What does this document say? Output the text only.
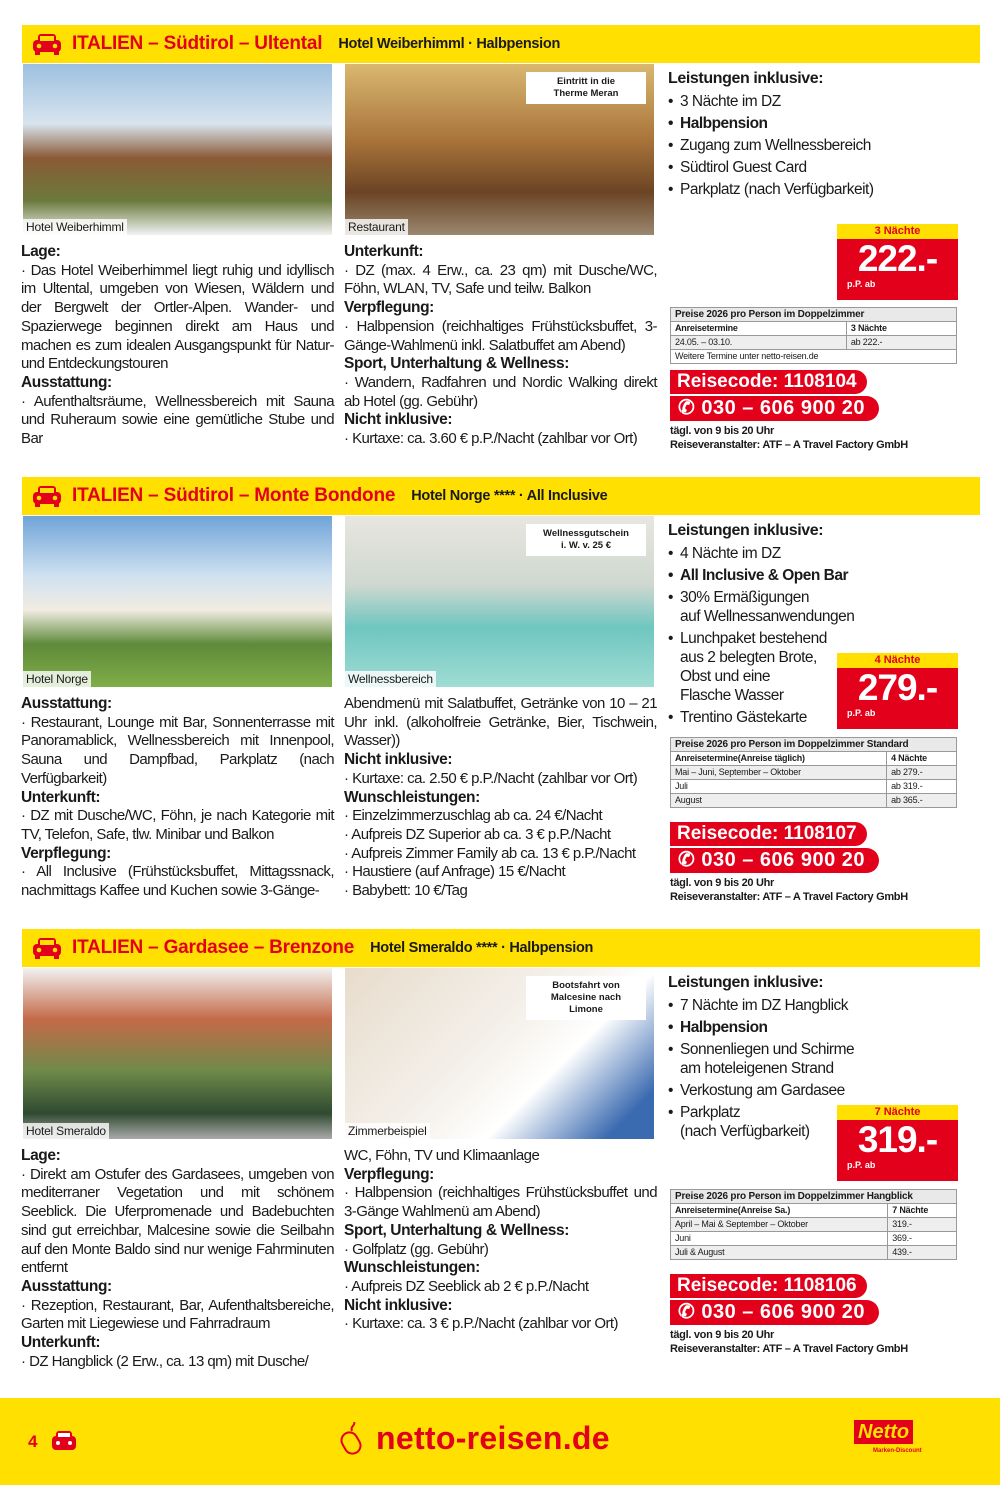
ITALIEN – Südtirol – Ultental Hotel Weiberhimml · Halbpension
Hotel Weiberhimml	Restaurant
Eintritt in die
Therme Meran
Lage:

· Das Hotel Weiberhimmel liegt ruhig und idyllisch im Ultental, umgeben von Wiesen, Wäldern und der Bergwelt der Ortler-Alpen. Wander- und Spazierwege beginnen direkt am Haus und machen es zum idealen Ausgangspunkt für Natur- und Entdeckungstouren

Ausstattung:

· Aufenthaltsräume, Wellnessbereich mit Sauna und Ruheraum sowie eine gemütliche Stube und Bar

Unterkunft:

· DZ (max. 4 Erw., ca. 23 qm) mit Dusche/WC, Föhn, WLAN, TV, Safe und teilw. Balkon

Verpflegung:

· Halbpension (reichhaltiges Frühstücksbuffet, 3-Gänge-Wahlmenü inkl. Salatbuffet am Abend)

Sport, Unterhaltung & Wellness:

· Wandern, Radfahren und Nordic Walking direkt ab Hotel (gg. Gebühr)

Nicht inklusive:

· Kurtaxe: ca. 3.60 € p.P./Nacht (zahlbar vor Ort)

Leistungen inklusive:
• 3 Nächte im DZ
• Halbpension
• Zugang zum Wellnessbereich
• Südtirol Guest Card
• Parkplatz (nach Verfügbarkeit)
3 Nächte
222.-
p.P. ab
Preise 2026 pro Person im Doppelzimmer	
Anreisetermine	3 Nächte
24.05. – 03.10.	ab 222.-
Weitere Termine unter netto-reisen.de	
Reisecode: 1108104
✆ 030 – 606 900 20
tägl. von 9 bis 20 Uhr
Reiseveranstalter: ATF – A Travel Factory GmbH
ITALIEN – Südtirol – Monte Bondone Hotel Norge **** · All Inclusive
Hotel Norge	Wellnessbereich
Wellnessgutschein
i. W. v. 25 €
Ausstattung:

· Restaurant, Lounge mit Bar, Sonnenterrasse mit Panoramablick, Wellnessbereich mit Innenpool, Sauna und Dampfbad, Parkplatz (nach Verfügbarkeit)

Unterkunft:

· DZ mit Dusche/WC, Föhn, je nach Kategorie mit TV, Telefon, Safe, tlw. Minibar und Balkon

Verpflegung:

· All Inclusive (Frühstücksbuffet, Mittagssnack, nachmittags Kaffee und Kuchen sowie 3-Gänge-

Abendmenü mit Salatbuffet, Getränke von 10 – 21 Uhr inkl. (alkoholfreie Getränke, Bier, Tischwein, Wasser))

Nicht inklusive:

· Kurtaxe: ca. 2.50 € p.P./Nacht (zahlbar vor Ort)

Wunschleistungen:

· Einzelzimmerzuschlag ab ca. 24 €/Nacht

· Aufpreis DZ Superior ab ca. 3 € p.P./Nacht

· Aufpreis Zimmer Family ab ca. 13 € p.P./Nacht

· Haustiere (auf Anfrage) 15 €/Nacht

· Babybett: 10 €/Tag

Leistungen inklusive:
• 4 Nächte im DZ
• All Inclusive & Open Bar
• 30% Ermäßigungen
auf Wellnessanwendungen
• Lunchpaket bestehend
aus 2 belegten Brote,
Obst und eine
Flasche Wasser
• Trentino Gästekarte
4 Nächte
279.-
p.P. ab
Preise 2026 pro Person im Doppelzimmer Standard	
Anreisetermine(Anreise täglich)	4 Nächte
Mai – Juni, September – Oktober	ab 279.-
Juli	ab 319.-
August	ab 365.-
Reisecode: 1108107
✆ 030 – 606 900 20
tägl. von 9 bis 20 Uhr
Reiseveranstalter: ATF – A Travel Factory GmbH
ITALIEN – Gardasee – Brenzone Hotel Smeraldo **** · Halbpension
Hotel Smeraldo	Zimmerbeispiel
Bootsfahrt von
Malcesine nach
Limone
Lage:

· Direkt am Ostufer des Gardasees, umgeben von mediterraner Vegetation und mit schönem Seeblick. Die Uferpromenade und Badebuchten sind gut erreichbar, Malcesine sowie die Seilbahn auf den Monte Baldo sind nur wenige Fahrminuten entfernt

Ausstattung:

· Rezeption, Restaurant, Bar, Aufenthaltsbereiche, Garten mit Liegewiese und Fahrradraum

Unterkunft:

· DZ Hangblick (2 Erw., ca. 13 qm) mit Dusche/

WC, Föhn, TV und Klimaanlage

Verpflegung:

· Halbpension (reichhaltiges Frühstücksbuffet und 3-Gänge Wahlmenü am Abend)

Sport, Unterhaltung & Wellness:

· Golfplatz (gg. Gebühr)

Wunschleistungen:

· Aufpreis DZ Seeblick ab 2 € p.P./Nacht

Nicht inklusive:

· Kurtaxe: ca. 3 € p.P./Nacht (zahlbar vor Ort)

Leistungen inklusive:
• 7 Nächte im DZ Hangblick
• Halbpension
• Sonnenliegen und Schirme
am hoteleigenen Strand
• Verkostung am Gardasee
• Parkplatz
(nach Verfügbarkeit)
7 Nächte
319.-
p.P. ab
Preise 2026 pro Person im Doppelzimmer Hangblick	
Anreisetermine(Anreise Sa.)	7 Nächte
April – Mai & September – Oktober	319.-
Juni	369.-
Juli & August	439.-
Reisecode: 1108106
✆ 030 – 606 900 20
tägl. von 9 bis 20 Uhr
Reiseveranstalter: ATF – A Travel Factory GmbH
4	netto-reisen.de	Netto
Marken-Discount
